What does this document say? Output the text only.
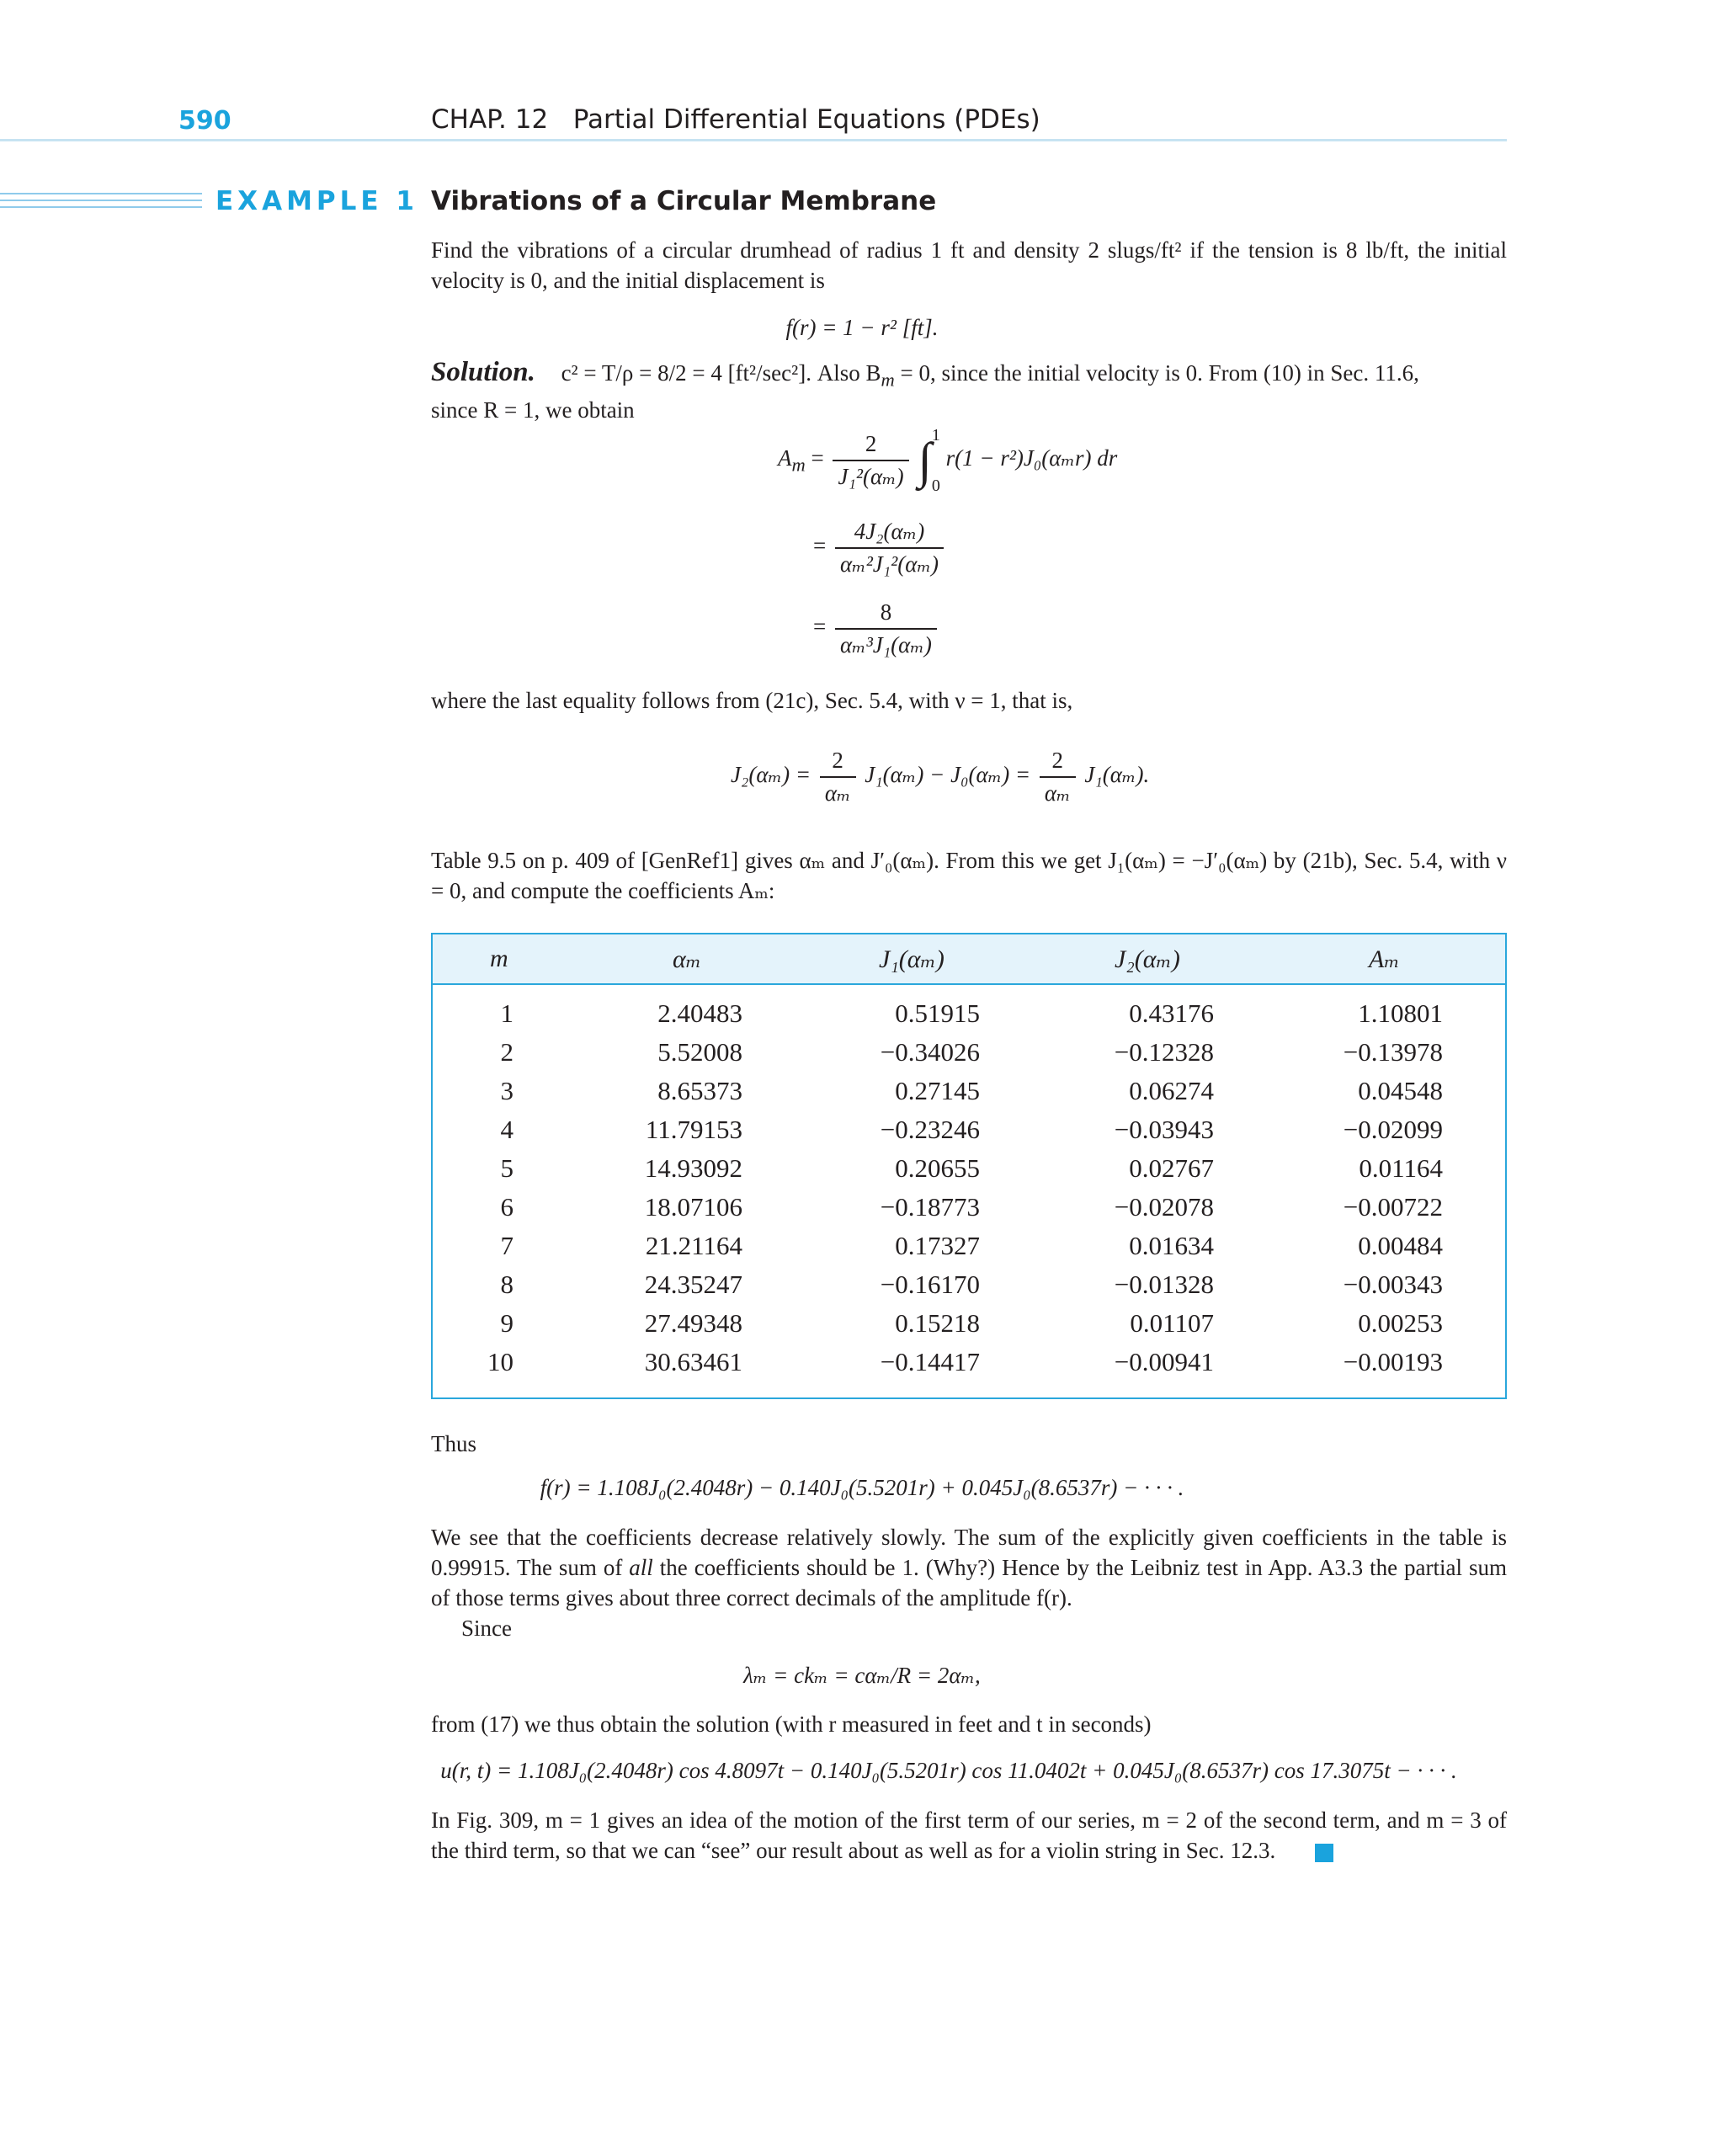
590	CHAP. 12   Partial Differential Equations (PDEs)
EXAMPLE 1 Vibrations of a Circular Membrane
Find the vibrations of a circular drumhead of radius 1 ft and density 2 slugs/ft² if the tension is 8 lb/ft, the initial velocity is 0, and the initial displacement is
f(r) = 1 − r² [ft].
Solution. c² = T/ρ = 8/2 = 4 [ft²/sec²]. Also $B_m = 0$, since the initial velocity is 0. From (10) in Sec. 11.6,
since R = 1, we obtain
$A_m = \frac{2}{\text{J₁²(αₘ)}}$ ∫ 1
0
r(1 − r²)J₀(αₘr) dr
= $\frac{\text{4J₂(αₘ)}}{\text{αₘ²J₁²(αₘ)}}$
= $\frac{8}{\text{αₘ³J₁(αₘ)}}$
where the last equality follows from (21c), Sec. 5.4, with ν = 1, that is,
$J_2(\alpha_m) = \frac{2}{\text{αₘ}} J_1(\alpha_m) - J_0(\alpha_m) = \frac{2}{\text{αₘ}} J_1(\alpha_m)$.
Table 9.5 on p. 409 of [GenRef1] gives αₘ and J′₀(αₘ). From this we get J₁(αₘ) = −J′₀(αₘ) by (21b), Sec. 5.4, with ν = 0, and compute the coefficients Aₘ:
m	αₘ	J₁(αₘ)	J₂(αₘ)	Aₘ
1	2.40483	0.51915	0.43176	1.10801
2	5.52008	−0.34026	−0.12328	−0.13978
3	8.65373	0.27145	0.06274	0.04548
4	11.79153	−0.23246	−0.03943	−0.02099
5	14.93092	0.20655	0.02767	0.01164
6	18.07106	−0.18773	−0.02078	−0.00722
7	21.21164	0.17327	0.01634	0.00484
8	24.35247	−0.16170	−0.01328	−0.00343
9	27.49348	0.15218	0.01107	0.00253
10	30.63461	−0.14417	−0.00941	−0.00193
Thus
f(r) = 1.108J₀(2.4048r) − 0.140J₀(5.5201r) + 0.045J₀(8.6537r) − · · · .
We see that the coefficients decrease relatively slowly. The sum of the explicitly given coefficients in the table is 0.99915. The sum of all the coefficients should be 1. (Why?) Hence by the Leibniz test in App. A3.3 the partial sum of those terms gives about three correct decimals of the amplitude f(r).
Since
λₘ = ckₘ = cαₘ/R = 2αₘ,
from (17) we thus obtain the solution (with r measured in feet and t in seconds)
u(r, t) = 1.108J₀(2.4048r) cos 4.8097t − 0.140J₀(5.5201r) cos 11.0402t + 0.045J₀(8.6537r) cos 17.3075t − · · · .
In Fig. 309, m = 1 gives an idea of the motion of the first term of our series, m = 2 of the second term, and m = 3 of the third term, so that we can “see” our result about as well as for a violin string in Sec. 12.3.
